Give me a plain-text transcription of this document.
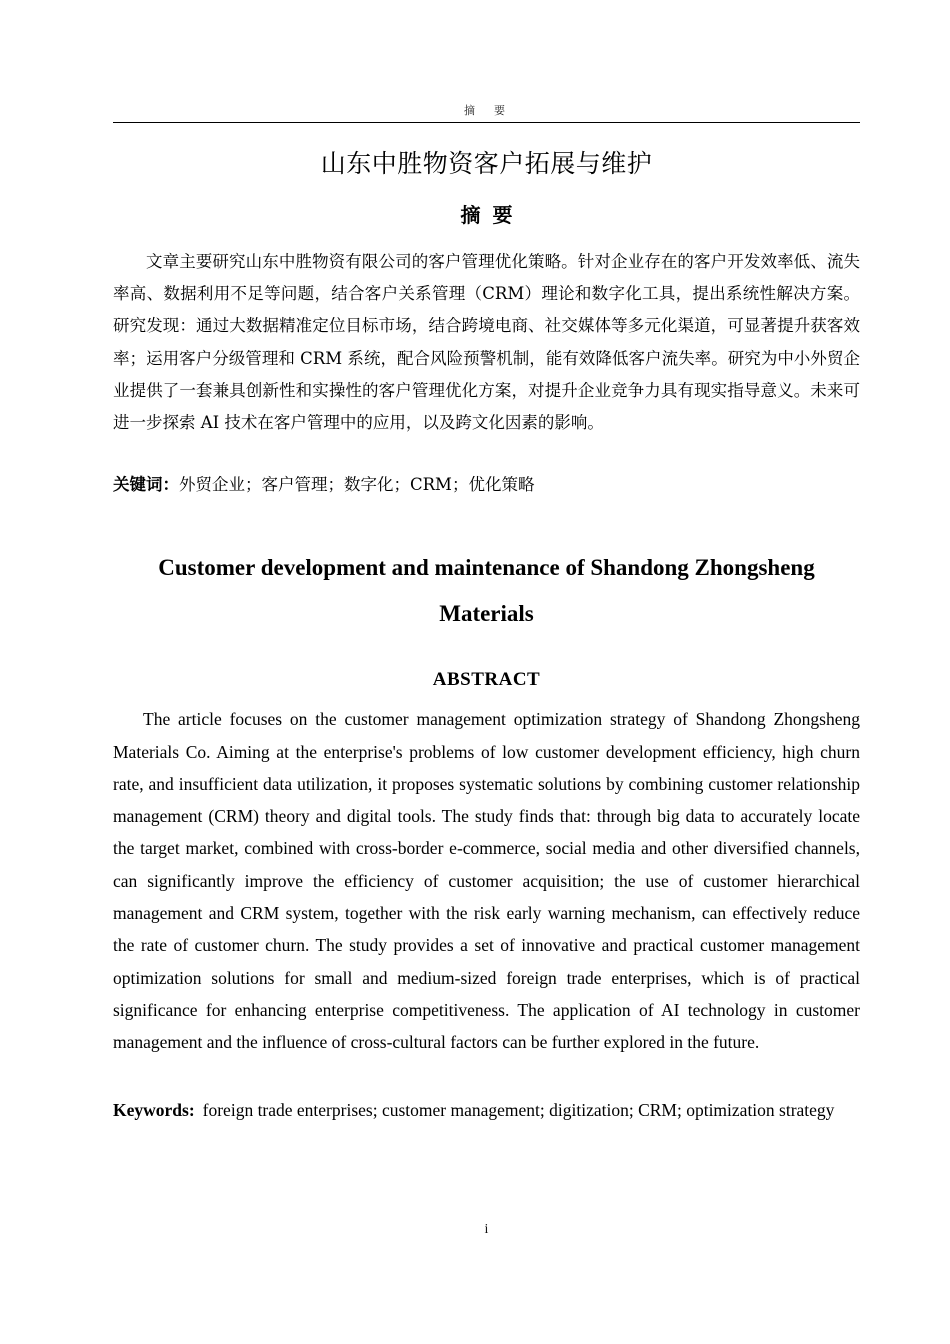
摘　要
山东中胜物资客户拓展与维护
摘要

文章主要研究山东中胜物资有限公司的客户管理优化策略。针对企业存在的客户开发效率低、流失率高、数据利用不足等问题，结合客户关系管理（CRM）理论和数字化工具，提出系统性解决方案。研究发现：通过大数据精准定位目标市场，结合跨境电商、社交媒体等多元化渠道，可显著提升获客效率；运用客户分级管理和 CRM 系统，配合风险预警机制，能有效降低客户流失率。研究为中小外贸企业提供了一套兼具创新性和实操性的客户管理优化方案，对提升企业竞争力具有现实指导意义。未来可进一步探索 AI 技术在客户管理中的应用，以及跨文化因素的影响。

关键词：外贸企业；客户管理；数字化；CRM；优化策略

Customer development and maintenance of Shandong Zhongsheng Materials
ABSTRACT

The article focuses on the customer management optimization strategy of Shandong Zhongsheng Materials Co. Aiming at the enterprise's problems of low customer development efficiency, high churn rate, and insufficient data utilization, it proposes systematic solutions by combining customer relationship management (CRM) theory and digital tools. The study finds that: through big data to accurately locate the target market, combined with cross-border e-commerce, social media and other diversified channels, can significantly improve the efficiency of customer acquisition; the use of customer hierarchical management and CRM system, together with the risk early warning mechanism, can effectively reduce the rate of customer churn. The study provides a set of innovative and practical customer management optimization solutions for small and medium-sized foreign trade enterprises, which is of practical significance for enhancing enterprise competitiveness. The application of AI technology in customer management and the influence of cross-cultural factors can be further explored in the future.

Keywords: foreign trade enterprises; customer management; digitization; CRM; optimization strategy

i
